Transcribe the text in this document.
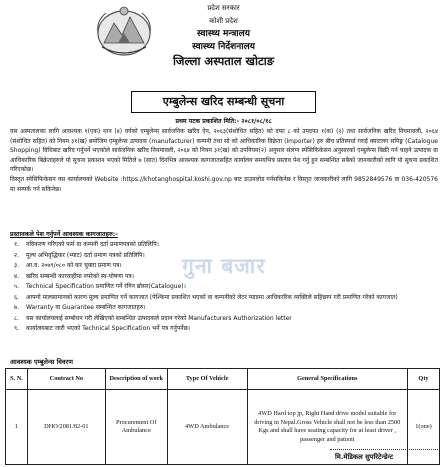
प्रदेश सरकार
कोशी प्रदेश
स्वास्थ्य मन्त्रालय
स्वास्थ्य निर्देशनालय
जिल्ला अस्पताल खोटाङ
एम्बुलेन्स खरिद सम्बन्धी सूचना
प्रथम पटक प्रकाशित मिति:- २०८१/०८/१८

यस अस्पतालका लागि आवश्यक १(एक) थान (४) वर्गको एम्बुलेन्स सार्वजनिक खरिद ऐन, २०६३(संशोधित सहित) को दफा ८ को उपदफा १(क) (२) तथा सार्वजनिक खरिद नियमावली, २०६४ (संशोधित सहित) को नियम ३१(ख) बमोजिम एम्बुलेन्स उत्पादक (manufacturer) कम्पनी तथा सो को आधिकारिक विक्रेता (Importer) हरु बीच प्रतिस्पर्धा गराई क्याटलग सपिङ्ग (Catalogue Shopping) विधिबाट खरिद गर्नुपर्ने भएकोले सार्वजनिक खरिद नियमावली, २०६४ को नियम ३१(ख) को उपनियम(२) अनुसार संलग्न स्पेसिफिकेसन अनुसारको एम्बुलेन्स बिक्री गर्न चाहने उत्पादक वा आधिकारिक बिक्रेताहरुले यो सूचना प्रकाशन भएको मितिले ७ (सात) दिनभित्र आवश्यक कागजातसहित कार्यालय समयभित्र प्रस्ताव पेश गर्नु हुन सम्बन्धित सबैको जानकारीको लागि यो सूचना प्रकाशित गरिएकोछ।

विस्तृत स्पेसिफिकेसन यस कार्यालयको Website :https://khotanghospital.koshi.gov.np बाट डाउनलोड गर्नसकिनेछ र विस्तृत जानकारीको लागि 9852849576 वा 036-420576 मा सम्पर्क गर्न सकिनेछ।

प्रस्तावकले पेश गर्नुपर्ने आवश्यक कागजातहरु:-
१.	नविकरण गरिएको फर्म वा कम्पनी दर्ता प्रमाणपत्रको प्रतिलिपि।
२.	मूल्य अभिवृद्धिकर (भ्याट) दर्ता प्रमाण पत्रको प्रतिलिपि।
३.	आ.व. २०७९/०८० को कर चुक्ता प्रमाण पत्र।
४.	खरिद सम्बन्धी कारवाहीमा नपरेको स्व-घोषणा पत्र।
५.	Technical Specification प्रमाणित गर्ने रंगिन ब्रोसर(Catalogue)।
६.	आफ्नो मालसामानको कारण मूल्य प्रमाणित गर्ने कागजात (पेश्किमा प्रकाशित भएको वा कम्पनीको लेटर प्याडमा आधिकारिक व्यक्तिले सहिछाप गरी प्रमाणित गरेको कागजात)
७.	Warranty वा Guarantee सम्बन्धित कागजातहरु।
८.	यस कार्यालयलाई सम्बोधन गरी लेखिएको सम्बन्धित उत्पादकले प्रदान गरेको Manufacturers Authorization letter
९.	कार्यालयबाट जारी भएको Technical Specification भर्ने पत्र गर्नुपर्नेछ।
गुना बजार
आवश्यक एम्बुलेन्स विवरण
S. N.	Contract No	Description of work	Type Of Vehicle	General Specifications	Qty
1	DHO/2081/82-01	Procurement Of Ambulance	4WD Ambulance	4WD Hard top jp, Right Hand drive model suitable for driving in Nepal.Gross Vehicle shall not be less than 2500 Kgs and shall have seating capacity for at least driver , passenger and patient	1(one)
मि.मेडिकल सुपरिटेन्डेन्ट
